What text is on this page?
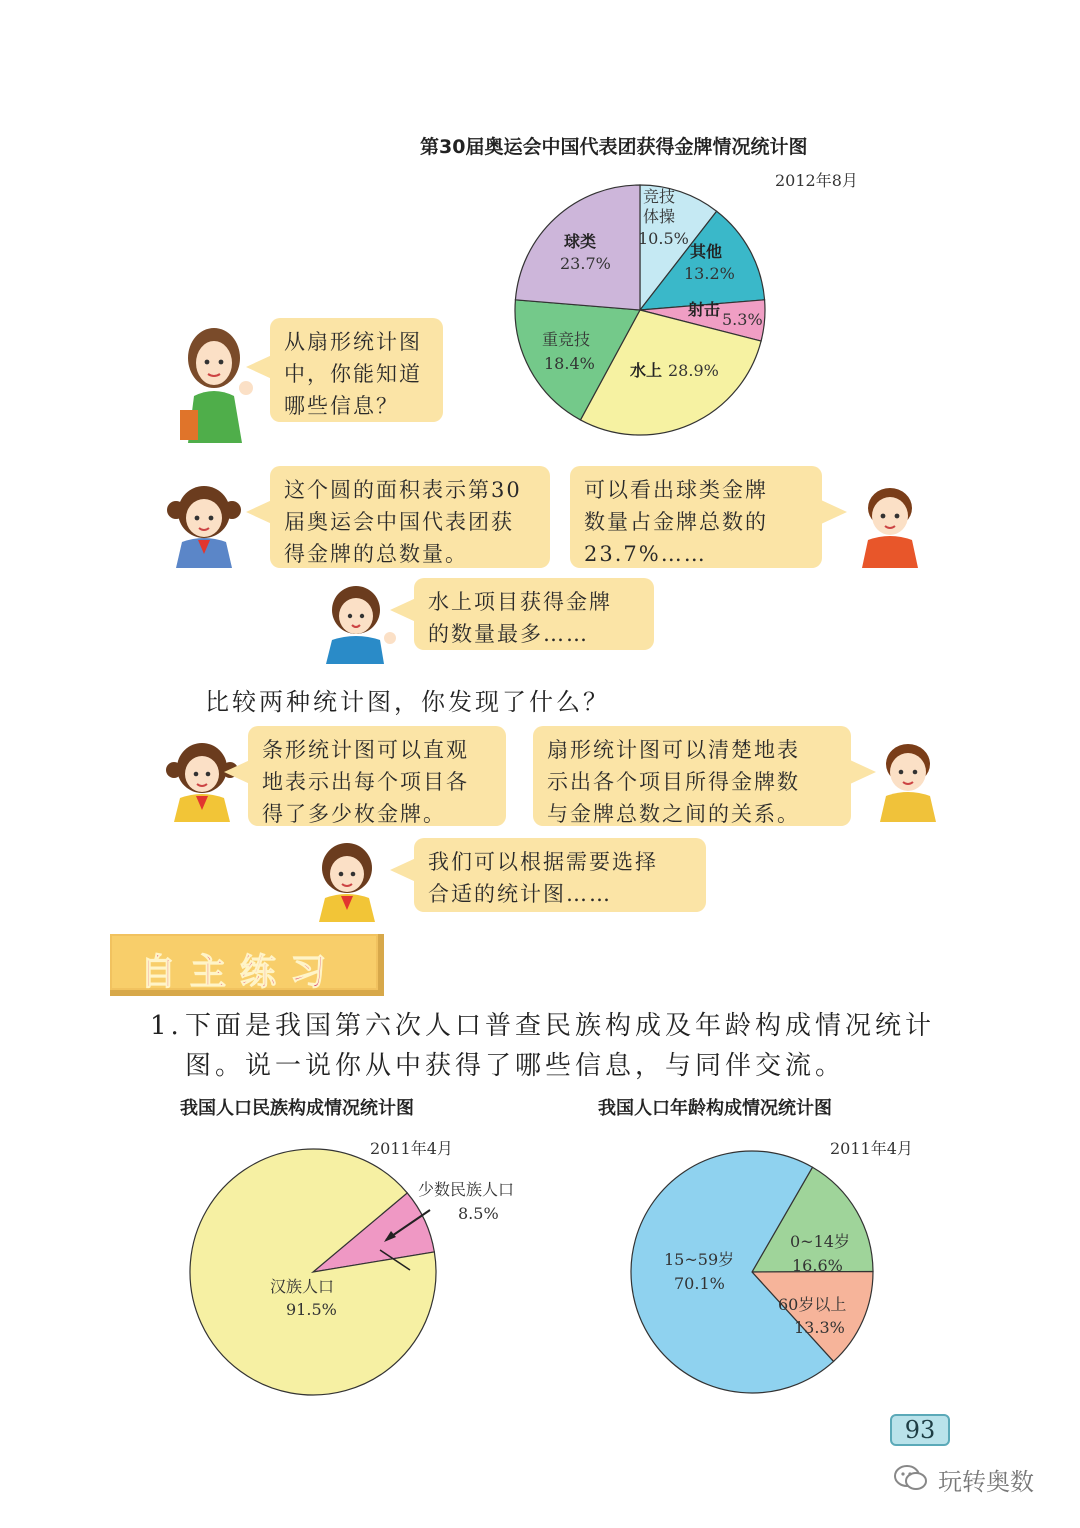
第30届奥运会中国代表团获得金牌情况统计图
2012年8月
竞技
体操
10.5%
其他
13.2%
射击
5.3%
水上 28.9%
重竞技
18.4%
球类
23.7%
从扇形统计图
中，你能知道
哪些信息？
这个圆的面积表示第30
届奥运会中国代表团获
得金牌的总数量。
可以看出球类金牌
数量占金牌总数的
23.7%……
水上项目获得金牌
的数量最多……
比较两种统计图，你发现了什么？
条形统计图可以直观
地表示出每个项目各
得了多少枚金牌。
扇形统计图可以清楚地表
示出各个项目所得金牌数
与金牌总数之间的关系。
我们可以根据需要选择
合适的统计图……
自主练习
1. 下面是我国第六次人口普查民族构成及年龄构成情况统计
图。说一说你从中获得了哪些信息，与同伴交流。
我国人口民族构成情况统计图
2011年4月
少数民族人口
8.5%
汉族人口
91.5%
我国人口年龄构成情况统计图
2011年4月
0~14岁
16.6%
60岁以上
13.3%
15~59岁
70.1%
93
玩转奥数
